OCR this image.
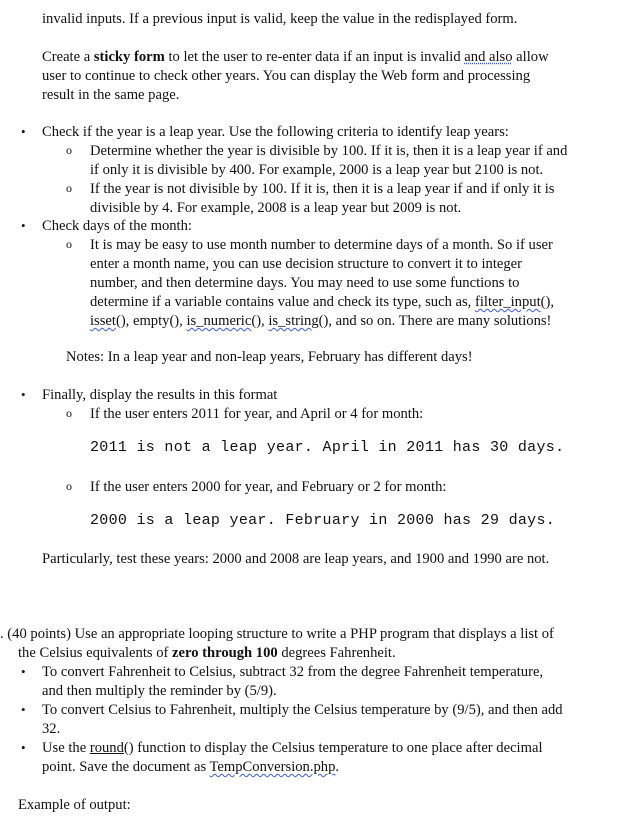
invalid inputs. If a previous input is valid, keep the value in the redisplayed form.
Create a sticky form to let the user to re-enter data if an input is invalid and also allow
user to continue to check other years. You can display the Web form and processing
result in the same page.
• Check if the year is a leap year. Use the following criteria to identify leap years:
o Determine whether the year is divisible by 100. If it is, then it is a leap year if and
if only it is divisible by 400. For example, 2000 is a leap year but 2100 is not.
o If the year is not divisible by 100. If it is, then it is a leap year if and if only it is
divisible by 4. For example, 2008 is a leap year but 2009 is not.
• Check days of the month:
o It is may be easy to use month number to determine days of a month. So if user
enter a month name, you can use decision structure to convert it to integer
number, and then determine days. You may need to use some functions to
determine if a variable contains value and check its type, such as, filter_input(),
isset(), empty(), is_numeric(), is_string(), and so on. There are many solutions!
Notes: In a leap year and non-leap years, February has different days!
• Finally, display the results in this format
o If the user enters 2011 for year, and April or 4 for month:
2011 is not a leap year. April in 2011 has 30 days.
o If the user enters 2000 for year, and February or 2 for month:
2000 is a leap year. February in 2000 has 29 days.
Particularly, test these years: 2000 and 2008 are leap years, and 1900 and 1990 are not.
. (40 points) Use an appropriate looping structure to write a PHP program that displays a list of
the Celsius equivalents of zero through 100 degrees Fahrenheit.
• To convert Fahrenheit to Celsius, subtract 32 from the degree Fahrenheit temperature,
and then multiply the reminder by (5/9).
• To convert Celsius to Fahrenheit, multiply the Celsius temperature by (9/5), and then add
32.
• Use the round() function to display the Celsius temperature to one place after decimal
point. Save the document as TempConversion.php.
Example of output:
